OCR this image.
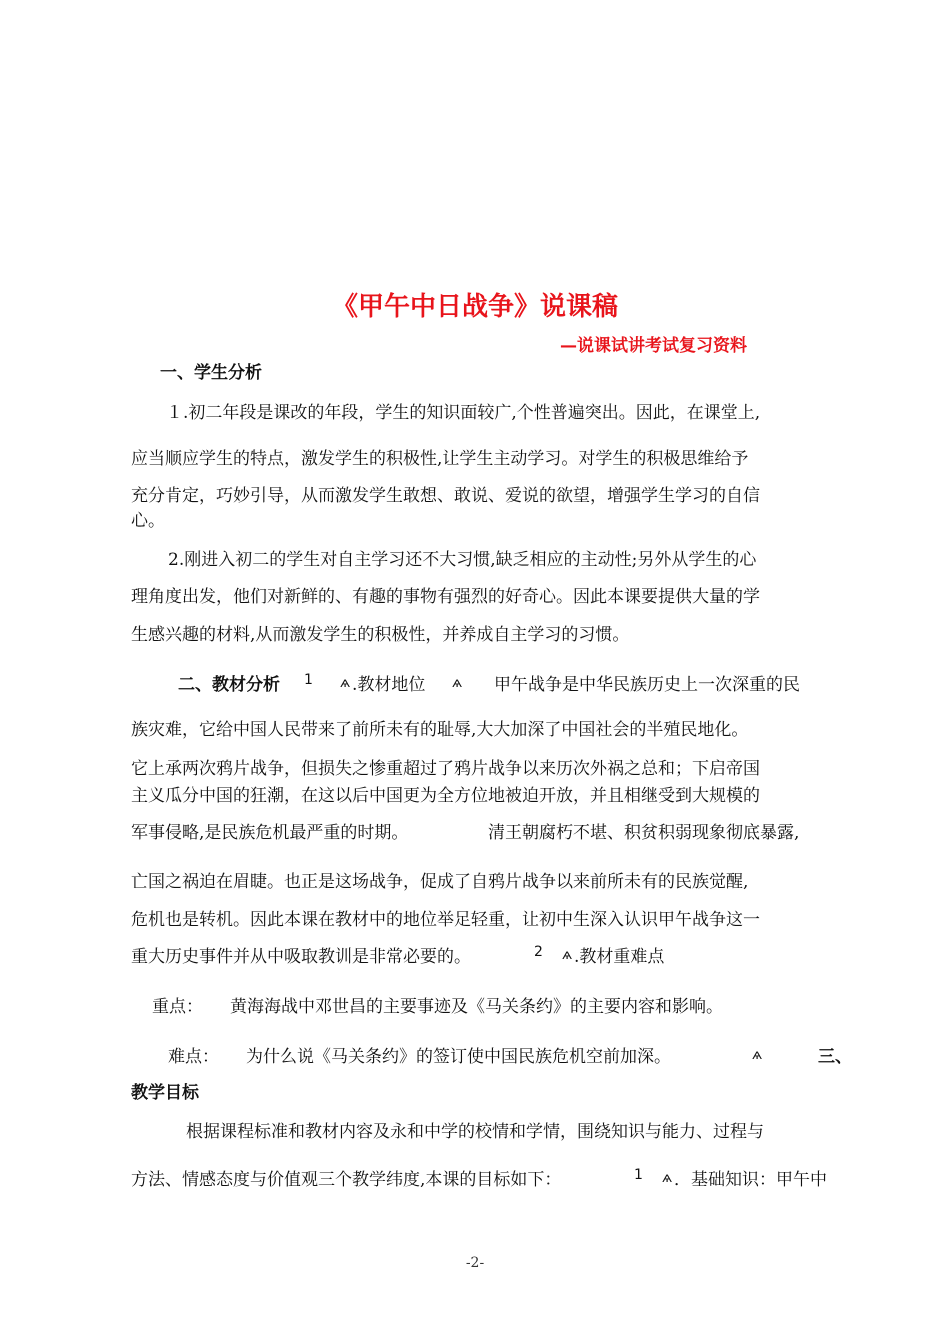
《甲午中日战争》说课稿
—说课试讲考试复习资料
一、学生分析
１.初二年段是课改的年段，学生的知识面较广,个性普遍突出。因此，在课堂上,
应当顺应学生的特点，激发学生的积极性,让学生主动学习。对学生的积极思维给予
充分肯定，巧妙引导，从而激发学生敢想、敢说、爱说的欲望，增强学生学习的自信
心。
2.刚进入初二的学生对自主学习还不大习惯,缺乏相应的主动性;另外从学生的心
理角度出发，他们对新鲜的、有趣的事物有强烈的好奇心。因此本课要提供大量的学
生感兴趣的材料,从而激发学生的积极性，并养成自主学习的习惯。
二、教材分析 1 ѧ .教材地位 ѧ 甲午战争是中华民族历史上一次深重的民
族灾难，它给中国人民带来了前所未有的耻辱,大大加深了中国社会的半殖民地化。
它上承两次鸦片战争，但损失之惨重超过了鸦片战争以来历次外祸之总和；下启帝国
主义瓜分中国的狂潮，在这以后中国更为全方位地被迫开放，并且相继受到大规模的
军事侵略,是民族危机最严重的时期。	清王朝腐朽不堪、积贫积弱现象彻底暴露,
亡国之祸迫在眉睫。也正是这场战争，促成了自鸦片战争以来前所未有的民族觉醒,
危机也是转机。因此本课在教材中的地位举足轻重，让初中生深入认识甲午战争这一
重大历史事件并从中吸取教训是非常必要的。	2 ѧ .教材重难点
重点： 黄海海战中邓世昌的主要事迹及《马关条约》的主要内容和影响。
难点： 为什么说《马关条约》的签订使中国民族危机空前加深。	ѧ	三、
教学目标
根据课程标准和教材内容及永和中学的校情和学情，围绕知识与能力、过程与
方法、情感态度与价值观三个教学纬度,本课的目标如下：	1 ѧ ．基础知识：甲午中
-2-
